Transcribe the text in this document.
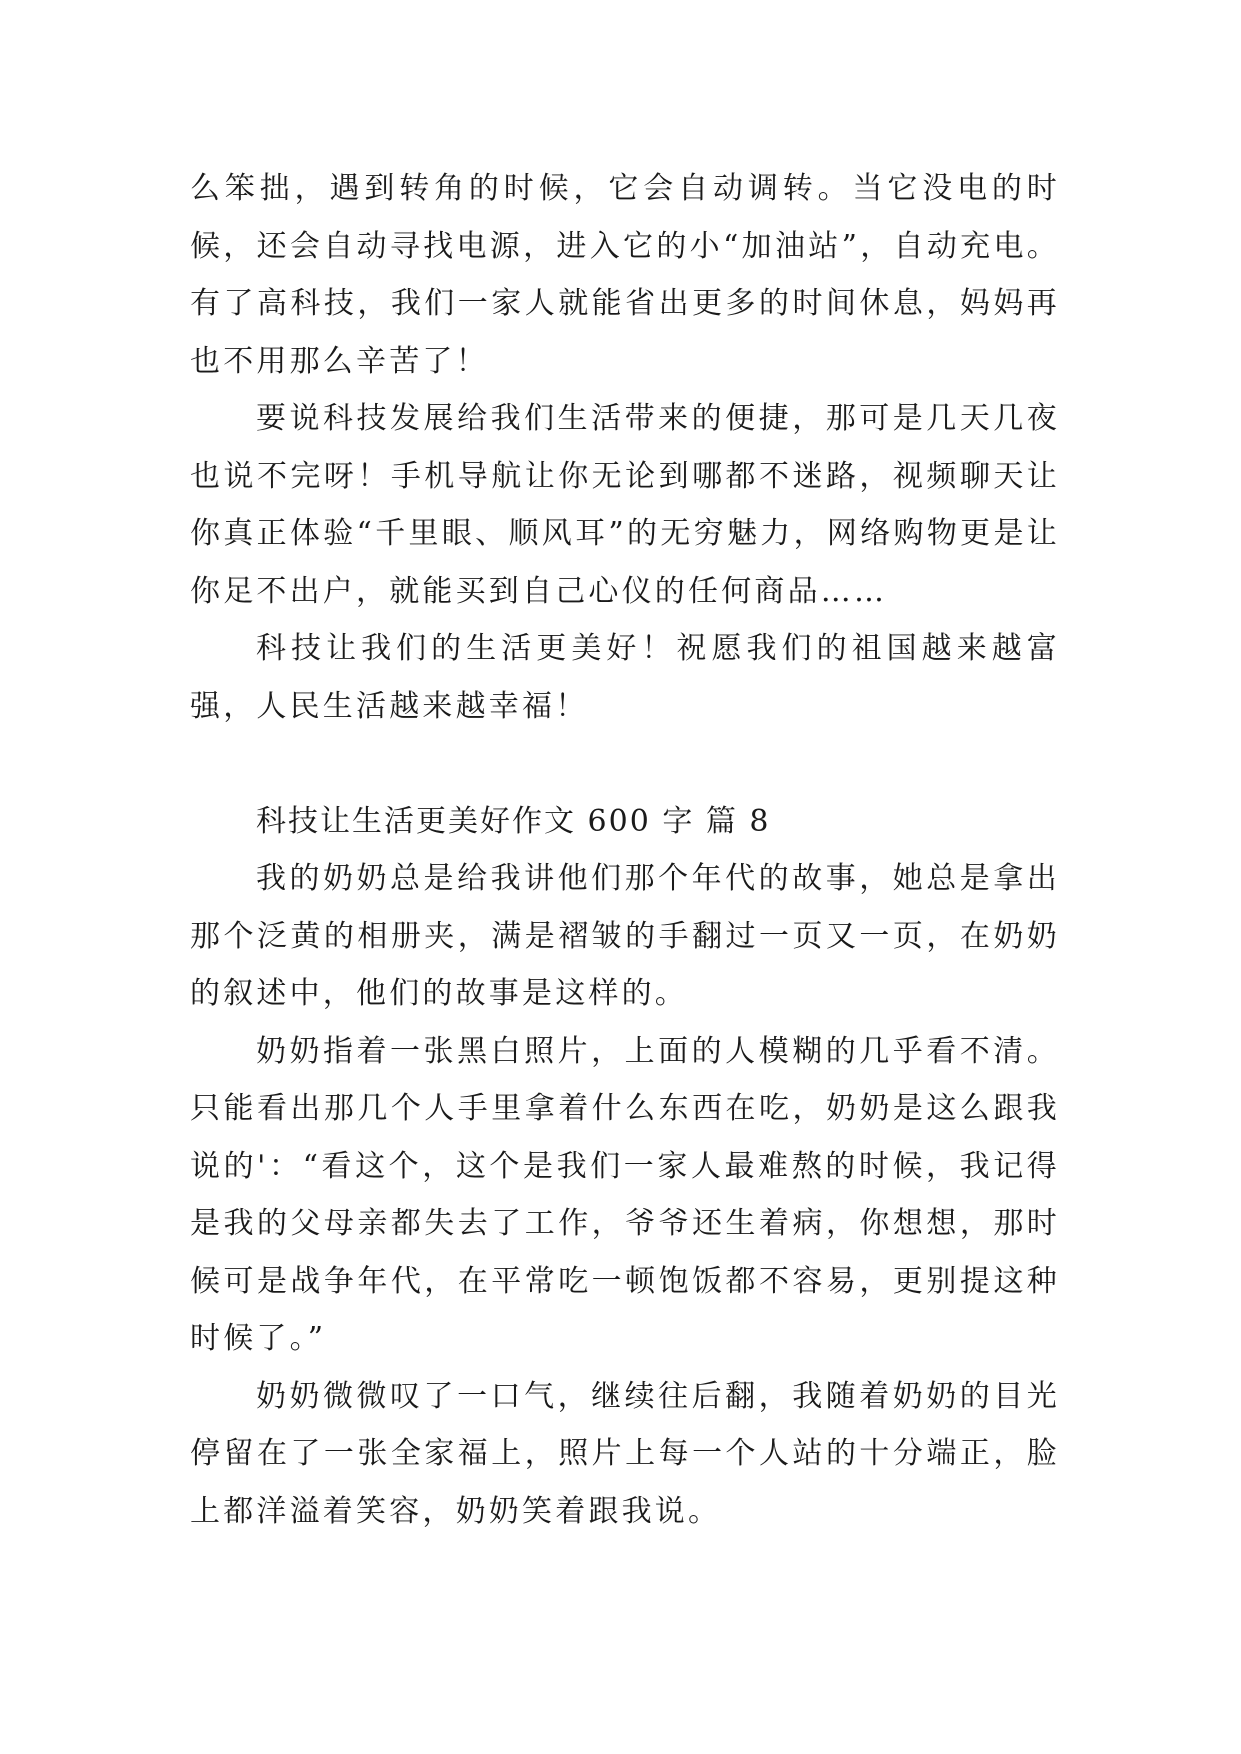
么笨拙，遇到转角的时候，它会自动调转。当它没电的时候，还会自动寻找电源，进入它的小“加油站”，自动充电。有了高科技，我们一家人就能省出更多的时间休息，妈妈再也不用那么辛苦了！

要说科技发展给我们生活带来的便捷，那可是几天几夜也说不完呀！手机导航让你无论到哪都不迷路，视频聊天让你真正体验“千里眼、顺风耳”的无穷魅力，网络购物更是让你足不出户，就能买到自己心仪的任何商品……

科技让我们的生活更美好！祝愿我们的祖国越来越富强，人民生活越来越幸福！

科技让生活更美好作文 600 字 篇 8

我的奶奶总是给我讲他们那个年代的故事，她总是拿出那个泛黄的相册夹，满是褶皱的手翻过一页又一页，在奶奶的叙述中，他们的故事是这样的。

奶奶指着一张黑白照片，上面的人模糊的几乎看不清。只能看出那几个人手里拿着什么东西在吃，奶奶是这么跟我说的'：“看这个，这个是我们一家人最难熬的时候，我记得是我的父母亲都失去了工作，爷爷还生着病，你想想，那时候可是战争年代，在平常吃一顿饱饭都不容易，更别提这种时候了。”

奶奶微微叹了一口气，继续往后翻，我随着奶奶的目光停留在了一张全家福上，照片上每一个人站的十分端正，脸上都洋溢着笑容，奶奶笑着跟我说。
